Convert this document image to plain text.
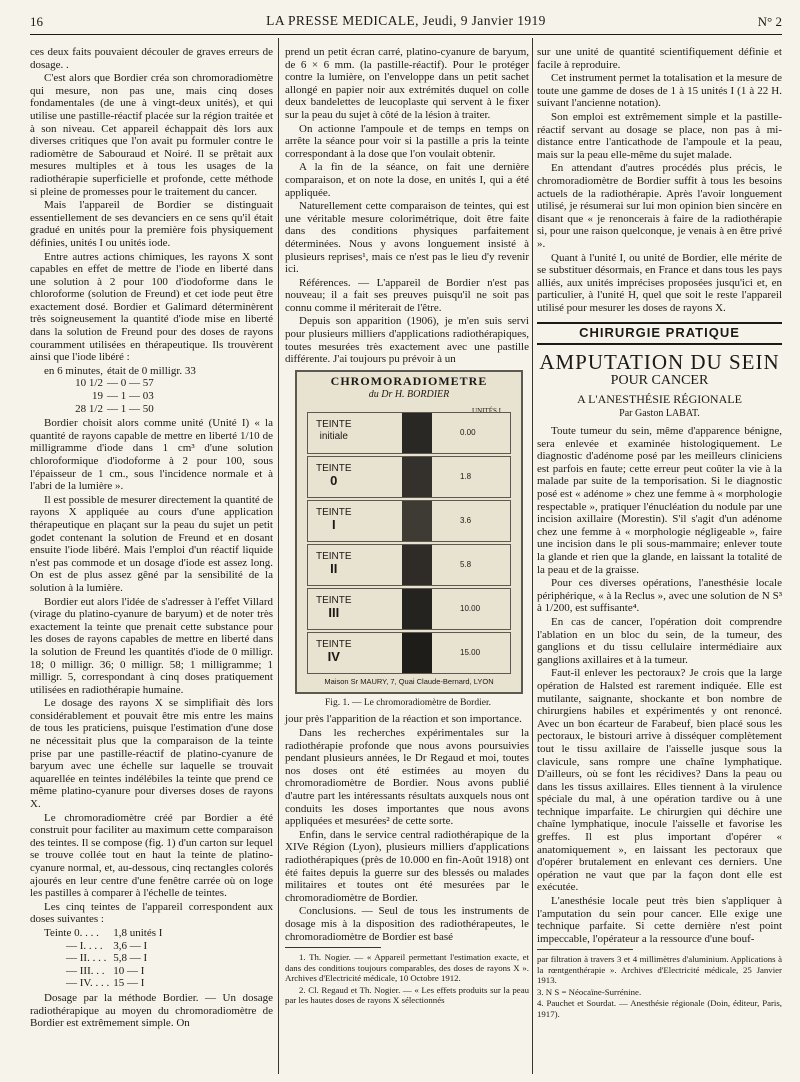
16	LA PRESSE MEDICALE, Jeudi, 9 Janvier 1919	N° 2

ces deux faits pouvaient découler de graves erreurs de dosage. .

C'est alors que Bordier créa son chromoradiomètre qui mesure, non pas une, mais cinq doses fondamentales (de une à vingt-deux unités), et qui utilise une pastille-réactif placée sur la région traitée et à son niveau. Cet appareil échappait dès lors aux diverses critiques que l'on avait pu formuler contre le radiomètre de Sabouraud et Noiré. Il se prêtait aux mesures multiples et à tous les usages de la radiothérapie superficielle et profonde, cette méthode si pleine de promesses pour le traitement du cancer.

Mais l'appareil de Bordier se distinguait essentiellement de ses devanciers en ce sens qu'il était gradué en unités pour la première fois physiquement définies, unités I ou unités iode.

Entre autres actions chimiques, les rayons X sont capables en effet de mettre de l'iode en liberté dans une solution à 2 pour 100 d'iodoforme dans le chloroforme (solution de Freund) et cet iode peut être exactement dosé. Bordier et Galimard déterminèrent très soigneusement la quantité d'iode mise en liberté dans la solution de Freund pour des doses de rayons couramment utilisées en thérapeutique. Ils trouvèrent ainsi que l'iode libéré :

en 6 minutes,	était de 0 milligr. 33
10 1/2	— 0 — 57
19	— 1 — 03
28 1/2	— 1 — 50

Bordier choisit alors comme unité (Unité I) « la quantité de rayons capable de mettre en liberté 1/10 de milligramme d'iode dans 1 cm³ d'une solution chloroformique d'iodoforme à 2 pour 100, sous l'épaisseur de 1 cm., sous l'incidence normale et à l'abri de la lumière ».

Il est possible de mesurer directement la quantité de rayons X appliquée au cours d'une application thérapeutique en plaçant sur la peau du sujet un petit godet contenant la solution de Freund et en dosant ensuite l'iode libéré. Mais l'emploi d'un réactif liquide n'est pas commode et un dosage d'iode est assez long. On est de plus assez gêné par la sensibilité de la solution à la lumière.

Bordier eut alors l'idée de s'adresser à l'effet Villard (virage du platino-cyanure de baryum) et de noter très exactement la teinte que prenait cette substance pour les doses de rayons capables de mettre en liberté dans la solution de Freund les quantités d'iode de 0 milligr. 18; 0 milligr. 36; 0 milligr. 58; 1 milligramme; 1 milligr. 5, correspondant à cinq doses pratiquement utilisées en radiothérapie humaine.

Le dosage des rayons X se simplifiait dès lors considérablement et pouvait être mis entre les mains de tous les praticiens, puisque l'estimation d'une dose ne nécessitait plus que la comparaison de la teinte prise par une pastille-réactif de platino-cyanure de baryum avec une échelle sur laquelle se trouvait aquarellée en teintes indélébiles la teinte que prend ce même platino-cyanure pour diverses doses de rayons X.

Le chromoradiomètre créé par Bordier a été construit pour faciliter au maximum cette comparaison des teintes. Il se compose (fig. 1) d'un carton sur lequel se trouve collée tout en haut la teinte de platino-cyanure normal, et, au-dessous, cinq rectangles colorés ajourés en leur centre d'une fenêtre carrée où on loge les pastilles à comparer à l'échelle de teintes.

Les cinq teintes de l'appareil correspondent aux doses suivantes :

Teinte 0. . . .	1,8 unités I
— I. . . .	3,6 — I
— II. . . .	5,8 — I
— III. . .	10 — I
— IV. . . .	15 — I

Dosage par la méthode Bordier. — Un dosage radiothérapique au moyen du chromoradiomètre de Bordier est extrêmement simple. On

prend un petit écran carré, platino-cyanure de baryum, de 6 × 6 mm. (la pastille-réactif). Pour le protéger contre la lumière, on l'enveloppe dans un petit sachet allongé en papier noir aux extrémités duquel on colle deux bandelettes de leucoplaste qui servent à le fixer sur la peau du sujet à côté de la lésion à traiter.

On actionne l'ampoule et de temps en temps on arrête la séance pour voir si la pastille a pris la teinte correspondant à la dose que l'on voulait obtenir.

A la fin de la séance, on fait une dernière comparaison, et on note la dose, en unités I, qui a été appliquée.

Naturellement cette comparaison de teintes, qui est une véritable mesure colorimétrique, doit être faite dans des conditions physiques parfaitement déterminées. Nous y avons longuement insisté à plusieurs reprises¹, mais ce n'est pas le lieu d'y revenir ici.

Références. — L'appareil de Bordier n'est pas nouveau; il a fait ses preuves puisqu'il ne soit pas connu comme il mériterait de l'être.

Depuis son apparition (1906), je m'en suis servi pour plusieurs milliers d'applications radiothérapiques, toutes mesurées très exactement avec une pastille différente. J'ai toujours pu prévoir à un

CHROMORADIOMETRE
du Dr H. BORDIER
UNITÉS I
TEINTE
initiale	0.00
TEINTE
0	1.8
TEINTE
I	3.6
TEINTE
II	5.8
TEINTE
III	10.00
TEINTE
IV	15.00
Maison Sr MAURY, 7, Quai Claude-Bernard, LYON
Fig. 1. — Le chromoradiomètre de Bordier.

jour près l'apparition de la réaction et son importance.

Dans les recherches expérimentales sur la radiothérapie profonde que nous avons poursuivies pendant plusieurs années, le Dr Regaud et moi, toutes nos doses ont été estimées au moyen du chromoradiomètre de Bordier. Nous avons publié d'autre part les intéressants résultats auxquels nous ont conduits les doses importantes que nous avons appliquées et mesurées² de cette sorte.

Enfin, dans le service central radiothérapique de la XIVe Région (Lyon), plusieurs milliers d'applications radiothérapiques (près de 10.000 en fin-Août 1918) ont été faites depuis la guerre sur des blessés ou malades militaires et toutes ont été mesurées par le chromoradiomètre de Bordier.

Conclusions. — Seul de tous les instruments de dosage mis à la disposition des radiothérapeutes, le chromoradiomètre de Bordier est basé

1. Th. Nogier. — « Appareil permettant l'estimation exacte, et dans des conditions toujours comparables, des doses de rayons X ». Archives d'Electricité médicale, 10 Octobre 1912.

2. Cl. Regaud et Th. Nogier. — « Les effets produits sur la peau par les hautes doses de rayons X sélectionnés

sur une unité de quantité scientifiquement définie et facile à reproduire.

Cet instrument permet la totalisation et la mesure de toute une gamme de doses de 1 à 15 unités I (1 à 22 H. suivant l'ancienne notation).

Son emploi est extrêmement simple et la pastille-réactif servant au dosage se place, non pas à mi-distance entre l'anticathode de l'ampoule et la peau, mais sur la peau elle-même du sujet malade.

En attendant d'autres procédés plus précis, le chromoradiomètre de Bordier suffit à tous les besoins actuels de la radiothérapie. Après l'avoir longuement utilisé, je résumerai sur lui mon opinion bien sincère en disant que « je renoncerais à faire de la radiothérapie si, pour une raison quelconque, je venais à en être privé ».

Quant à l'unité I, ou unité de Bordier, elle mérite de se substituer désormais, en France et dans tous les pays alliés, aux unités imprécises proposées jusqu'ici et, en particulier, à l'unité H, quel que soit le reste l'appareil utilisé pour mesurer les doses de rayons X.

CHIRURGIE PRATIQUE
AMPUTATION DU SEIN
POUR CANCER
A L'ANESTHÉSIE RÉGIONALE
Par Gaston LABAT.

Toute tumeur du sein, même d'apparence bénigne, sera enlevée et examinée histologiquement. Le diagnostic d'adénome posé par les meilleurs cliniciens est parfois en faute; cette erreur peut coûter la vie à la malade par suite de la temporisation. Si le diagnostic posé est « adénome » chez une femme à « morphologie respectable », pratiquer l'énucléation du nodule par une incision axillaire (Morestin). S'il s'agit d'un adénome chez une femme à « morphologie négligeable », faire une incision dans le pli sous-mammaire; enlever toute la glande et rien que la glande, en laissant la totalité de la peau et de la graisse.

Pour ces diverses opérations, l'anesthésie locale périphérique, « à la Reclus », avec une solution de N S³ à 1/200, est suffisante⁴.

En cas de cancer, l'opération doit comprendre l'ablation en un bloc du sein, de la tumeur, des ganglions et du tissu cellulaire intermédiaire aux ganglions axillaires et à la tumeur.

Faut-il enlever les pectoraux? Je crois que la large opération de Halsted est rarement indiquée. Elle est mutilante, saignante, shockante et bon nombre de chirurgiens habiles et expérimentés y ont renoncé. Avec un bon écarteur de Farabeuf, bien placé sous les pectoraux, le bistouri arrive à disséquer complètement tout le tissu axillaire de l'aisselle jusque sous la clavicule, sans rompre une chaîne lymphatique. D'ailleurs, où se font les récidives? Dans la peau ou dans les tissus axillaires. Elles tiennent à la virulence spéciale du mal, à une opération tardive ou à une technique imparfaite. Le chirurgien qui déchire une chaîne lymphatique, inocule l'aisselle et favorise les greffes. Il est plus important d'opérer « anatomiquement », en laissant les pectoraux que d'opérer brutalement en enlevant ces derniers. Une opération ne vaut que par la façon dont elle est exécutée.

L'anesthésie locale peut très bien s'appliquer à l'amputation du sein pour cancer. Elle exige une technique parfaite. Si cette dernière n'est point impeccable, l'opérateur a la ressource d'une bouf-

par filtration à travers 3 et 4 millimètres d'aluminium. Applications à la rœntgenthérapie ». Archives d'Electricité médicale, 25 Janvier 1913.

3. N S = Néocaïne-Surrénine.

4. Pauchet et Sourdat. — Anesthésie régionale (Doin, éditeur, Paris, 1917).
